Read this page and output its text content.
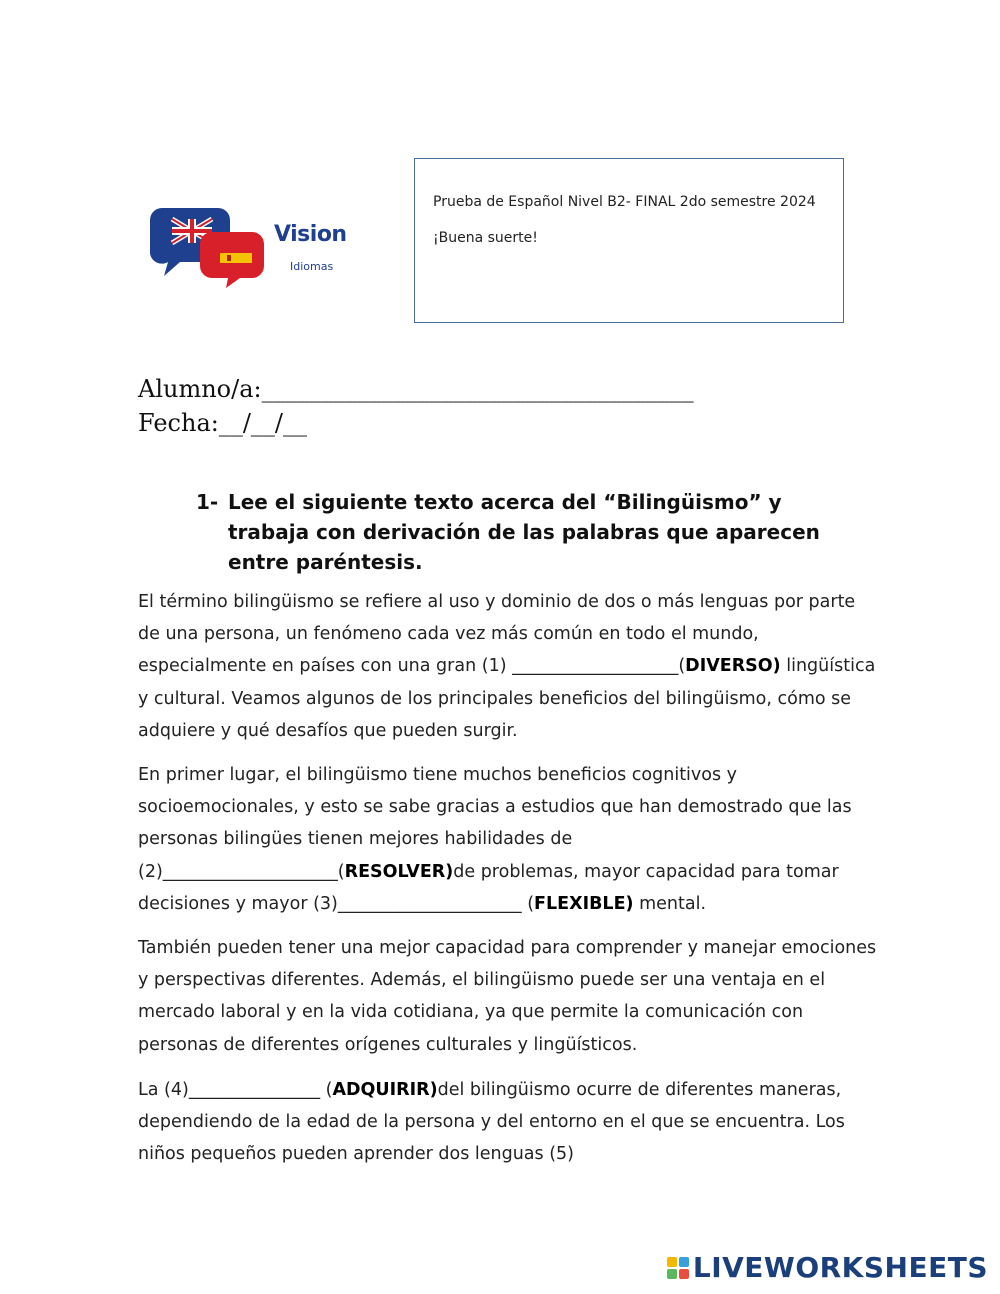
Vision
Idiomas
Prueba de Español Nivel B2- FINAL 2do semestre 2024
¡Buena suerte!
Alumno/a:____________________________________
Fecha:__/__/__
1- Lee el siguiente texto acerca del “Bilingüismo” y trabaja con derivación de las palabras que aparecen entre paréntesis.
El término bilingüismo se refiere al uso y dominio de dos o más lenguas por parte de una persona, un fenómeno cada vez más común en todo el mundo, especialmente en países con una gran (1) ___________________(DIVERSO) lingüística y cultural. Veamos algunos de los principales beneficios del bilingüismo, cómo se adquiere y qué desafíos que pueden surgir.
En primer lugar, el bilingüismo tiene muchos beneficios cognitivos y socioemocionales, y esto se sabe gracias a estudios que han demostrado que las personas bilingües tienen mejores habilidades de (2)____________________(RESOLVER)de problemas, mayor capacidad para tomar decisiones y mayor (3)_____________________ (FLEXIBLE) mental.
También pueden tener una mejor capacidad para comprender y manejar emociones y perspectivas diferentes. Además, el bilingüismo puede ser una ventaja en el mercado laboral y en la vida cotidiana, ya que permite la comunicación con personas de diferentes orígenes culturales y lingüísticos.
La (4)_______________ (ADQUIRIR)del bilingüismo ocurre de diferentes maneras, dependiendo de la edad de la persona y del entorno en el que se encuentra. Los niños pequeños pueden aprender dos lenguas (5)
LIVEWORKSHEETS
